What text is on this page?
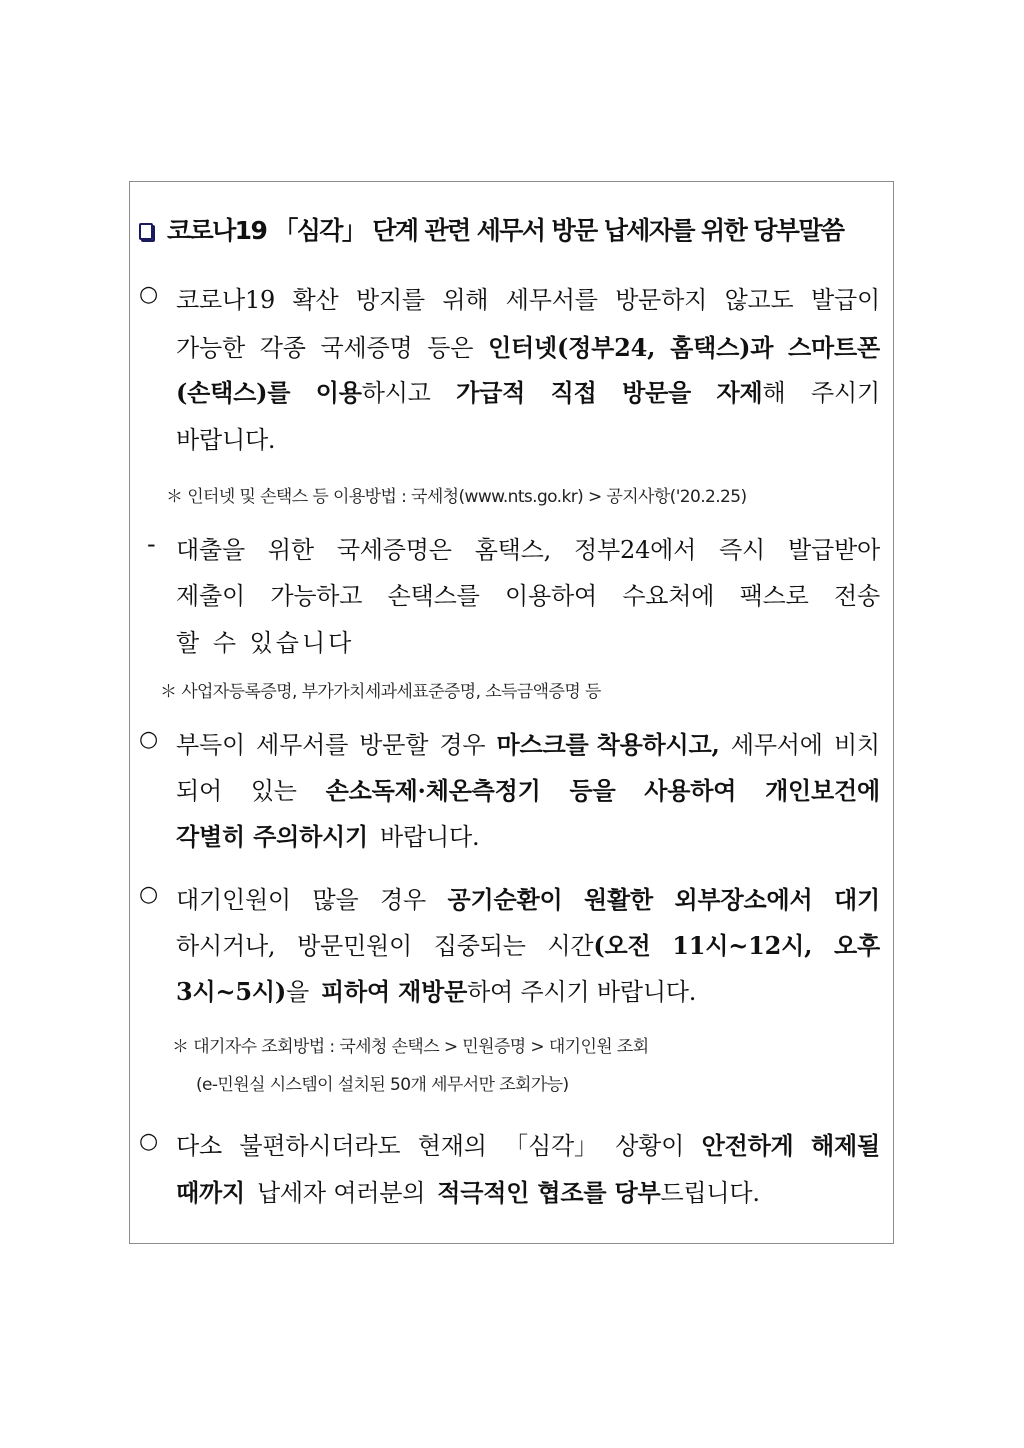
코로나19 「심각」 단계 관련 세무서 방문 납세자를 위한 당부말씀
○ 코로나19 확산 방지를 위해 세무서를 방문하지 않고도 발급이
가능한 각종 국세증명 등은 인터넷(정부24, 홈택스)과 스마트폰
(손택스)를 이용하시고 가급적 직접 방문을 자제해 주시기
바랍니다.
＊ 인터넷 및 손택스 등 이용방법 : 국세청(www.nts.go.kr) > 공지사항('20.2.25)
- 대출을 위한 국세증명은 홈택스, 정부24에서 즉시 발급받아
제출이 가능하고 손택스를 이용하여 수요처에 팩스로 전송
할 수 있습니다
＊ 사업자등록증명, 부가가치세과세표준증명, 소득금액증명 등
○ 부득이 세무서를 방문할 경우 마스크를 착용하시고, 세무서에 비치
되어 있는 손소독제·체온측정기 등을 사용하여 개인보건에
각별히 주의하시기 바랍니다.
○ 대기인원이 많을 경우 공기순환이 원활한 외부장소에서 대기
하시거나, 방문민원이 집중되는 시간(오전 11시~12시, 오후
3시~5시)을 피하여 재방문 하여 주시기 바랍니다.
＊ 대기자수 조회방법 : 국세청 손택스 > 민원증명 > 대기인원 조회
(e-민원실 시스템이 설치된 50개 세무서만 조회가능)
○ 다소 불편하시더라도 현재의 「심각」 상황이 안전하게 해제될
때까지 납세자 여러분의 적극적인 협조를 당부드립니다.
